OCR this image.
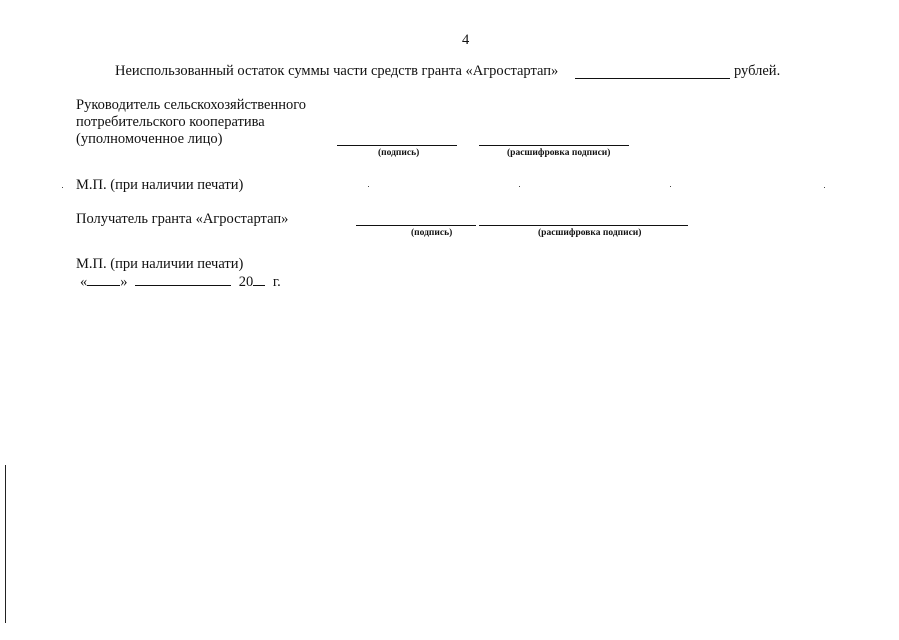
4
Неиспользованный остаток суммы части средств гранта «Агростартап»	рублей.
Руководитель сельскохозяйственного
потребительского кооператива
(уполномоченное лицо)
(подпись)	(расшифровка подписи)
М.П. (при наличии печати)
Получатель гранта «Агростартап»
(подпись)	(расшифровка подписи)
М.П. (при наличии печати)
« »	20 г.
